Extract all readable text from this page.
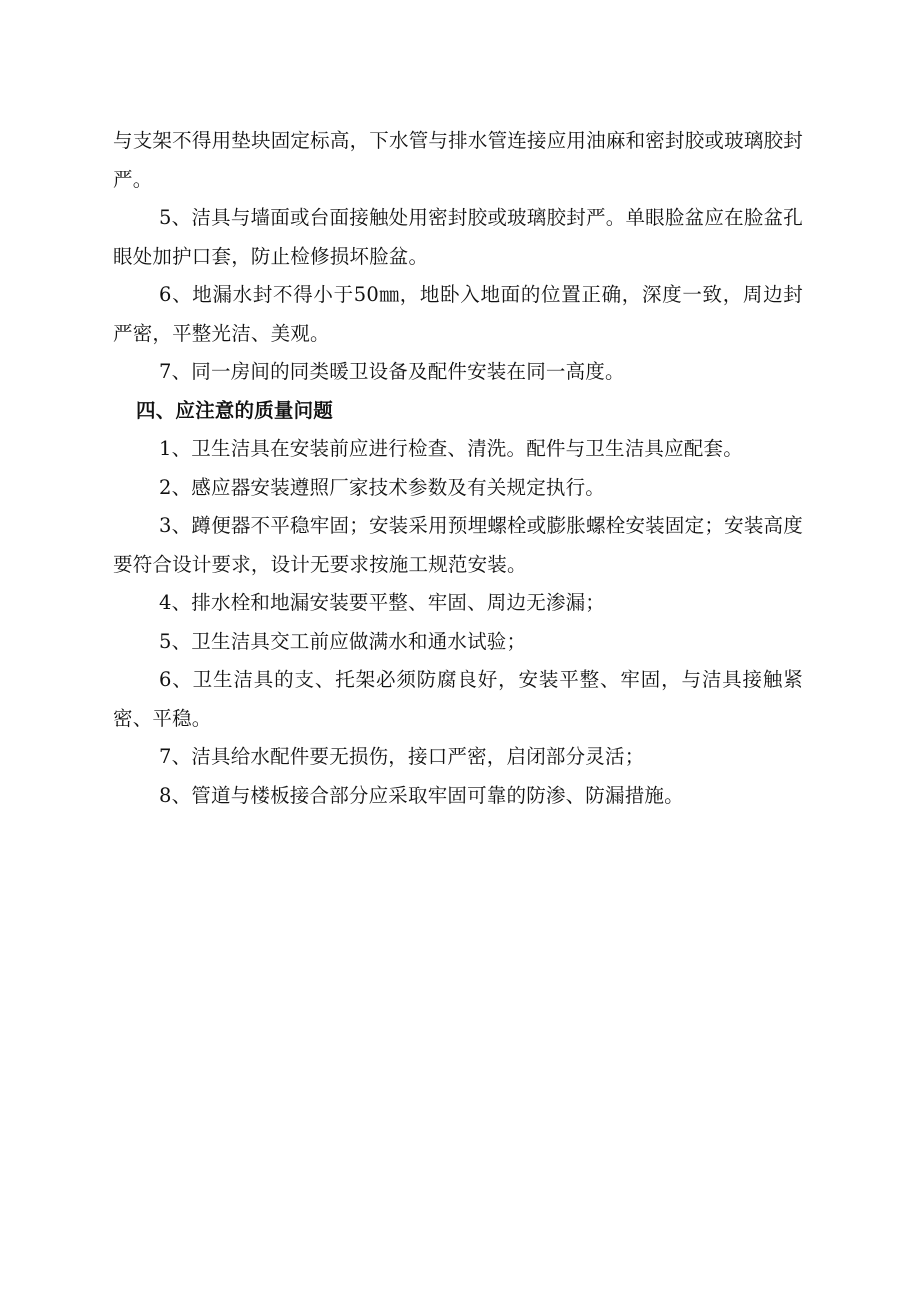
与支架不得用垫块固定标高，下水管与排水管连接应用油麻和密封胶或玻璃胶封严。

5、洁具与墙面或台面接触处用密封胶或玻璃胶封严。单眼脸盆应在脸盆孔眼处加护口套，防止检修损坏脸盆。

6、地漏水封不得小于50㎜，地卧入地面的位置正确，深度一致，周边封严密，平整光洁、美观。

7、同一房间的同类暖卫设备及配件安装在同一高度。

四、应注意的质量问题

1、卫生洁具在安装前应进行检查、清洗。配件与卫生洁具应配套。

2、感应器安装遵照厂家技术参数及有关规定执行。

3、蹲便器不平稳牢固；安装采用预埋螺栓或膨胀螺栓安装固定；安装高度要符合设计要求，设计无要求按施工规范安装。

4、排水栓和地漏安装要平整、牢固、周边无渗漏；

5、卫生洁具交工前应做满水和通水试验；

6、卫生洁具的支、托架必须防腐良好，安装平整、牢固，与洁具接触紧密、平稳。

7、洁具给水配件要无损伤，接口严密，启闭部分灵活；

8、管道与楼板接合部分应采取牢固可靠的防渗、防漏措施。
